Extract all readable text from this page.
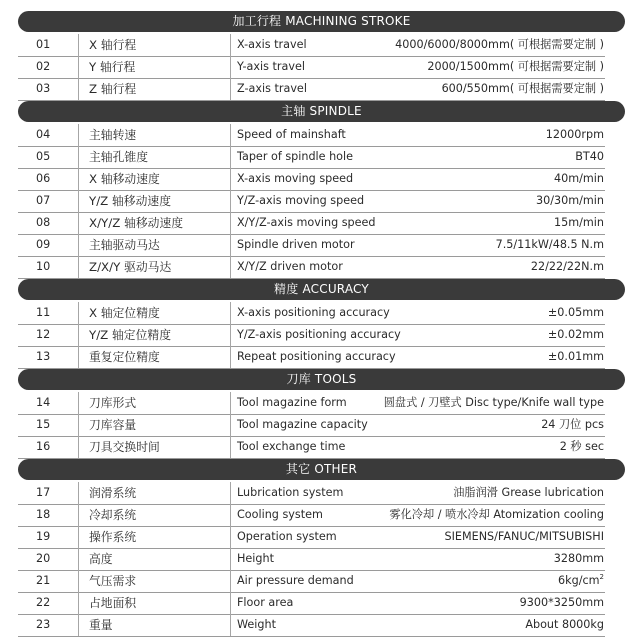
加工行程 MACHINING STROKE
01	X 轴行程	X-axis travel	4000/6000/8000mm( 可根据需要定制 )
02	Y 轴行程	Y-axis travel	2000/1500mm( 可根据需要定制 )
03	Z 轴行程	Z-axis travel	600/550mm( 可根据需要定制 )
主轴 SPINDLE
04	主轴转速	Speed of mainshaft	12000rpm
05	主轴孔锥度	Taper of spindle hole	BT40
06	X 轴移动速度	X-axis moving speed	40m/min
07	Y/Z 轴移动速度	Y/Z-axis moving speed	30/30m/min
08	X/Y/Z 轴移动速度	X/Y/Z-axis moving speed	15m/min
09	主轴驱动马达	Spindle driven motor	7.5/11kW/48.5 N.m
10	Z/X/Y 驱动马达	X/Y/Z driven motor	22/22/22N.m
精度 ACCURACY
11	X 轴定位精度	X-axis positioning accuracy	±0.05mm
12	Y/Z 轴定位精度	Y/Z-axis positioning accuracy	±0.02mm
13	重复定位精度	Repeat positioning accuracy	±0.01mm
刀库 TOOLS
14	刀库形式	Tool magazine form	圆盘式 / 刀壁式 Disc type/Knife wall type
15	刀库容量	Tool magazine capacity	24 刀位 pcs
16	刀具交换时间	Tool exchange time	2 秒 sec
其它 OTHER
17	润滑系统	Lubrication system	油脂润滑 Grease lubrication
18	冷却系统	Cooling system	雾化冷却 / 喷水冷却 Atomization cooling
19	操作系统	Operation system	SIEMENS/FANUC/MITSUBISHI
20	高度	Height	3280mm
21	气压需求	Air pressure demand	$6kg/cm^2$
22	占地面积	Floor area	9300*3250mm
23	重量	Weight	About 8000kg
